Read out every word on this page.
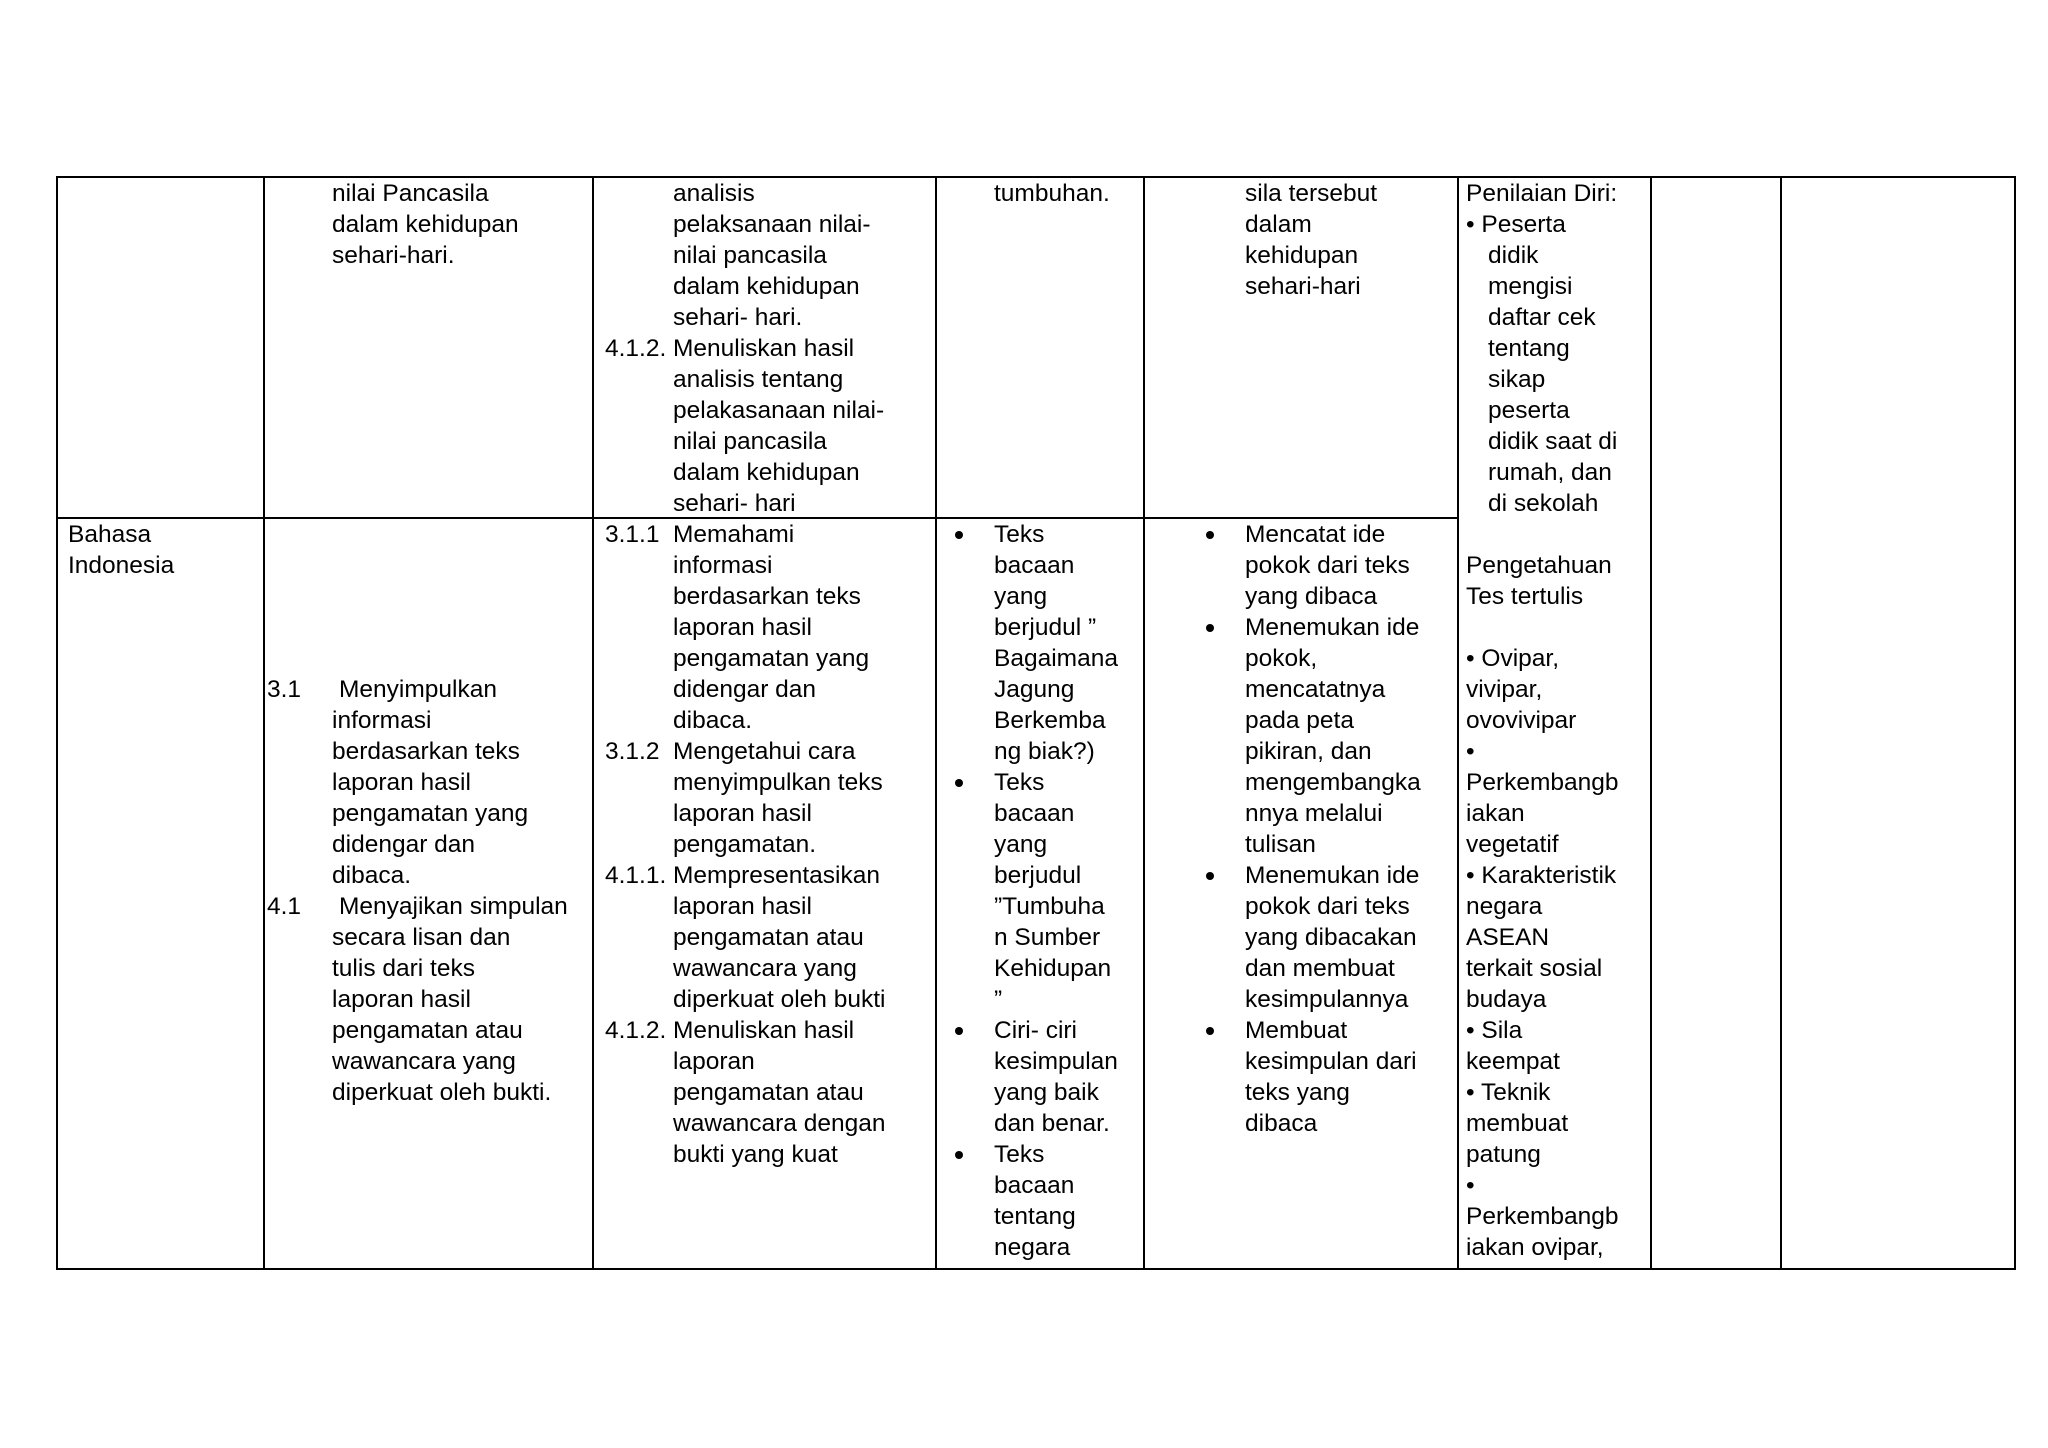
nilai Pancasila
dalam kehidupan
sehari-hari.
analisis
pelaksanaan nilai-
nilai pancasila
dalam kehidupan
sehari- hari.
4.1.2. Menuliskan hasil
analisis tentang
pelakasanaan nilai-
nilai pancasila
dalam kehidupan
sehari- hari
tumbuhan.	sila tersebut
dalam
kehidupan
sehari-hari
Penilaian Diri:
• Peserta
didik
mengisi
daftar cek
tentang
sikap
peserta
didik saat di
rumah, dan
di sekolah
Pengetahuan
Tes tertulis
• Ovipar,
vivipar,
ovovivipar
•
Perkembangb
iakan
vegetatif
• Karakteristik
negara
ASEAN
terkait sosial
budaya
• Sila
keempat
• Teknik
membuat
patung
•
Perkembangb
iakan ovipar,
Bahasa
Indonesia
3.1 Menyimpulkan
informasi
berdasarkan teks
laporan hasil
pengamatan yang
didengar dan
dibaca.
4.1 Menyajikan simpulan
secara lisan dan
tulis dari teks
laporan hasil
pengamatan atau
wawancara yang
diperkuat oleh bukti.
3.1.1 Memahami
informasi
berdasarkan teks
laporan hasil
pengamatan yang
didengar dan
dibaca.
3.1.2 Mengetahui cara
menyimpulkan teks
laporan hasil
pengamatan.
4.1.1. Mempresentasikan
laporan hasil
pengamatan atau
wawancara yang
diperkuat oleh bukti
4.1.2. Menuliskan hasil
laporan
pengamatan atau
wawancara dengan
bukti yang kuat
Teks
bacaan
yang
berjudul ”
Bagaimana
Jagung
Berkemba
ng biak?)
Teks
bacaan
yang
berjudul
”Tumbuha
n Sumber
Kehidupan
”
Ciri- ciri
kesimpulan
yang baik
dan benar.
Teks
bacaan
tentang
negara
Mencatat ide
pokok dari teks
yang dibaca
Menemukan ide
pokok,
mencatatnya
pada peta
pikiran, dan
mengembangka
nnya melalui
tulisan
Menemukan ide
pokok dari teks
yang dibacakan
dan membuat
kesimpulannya
Membuat
kesimpulan dari
teks yang
dibaca
